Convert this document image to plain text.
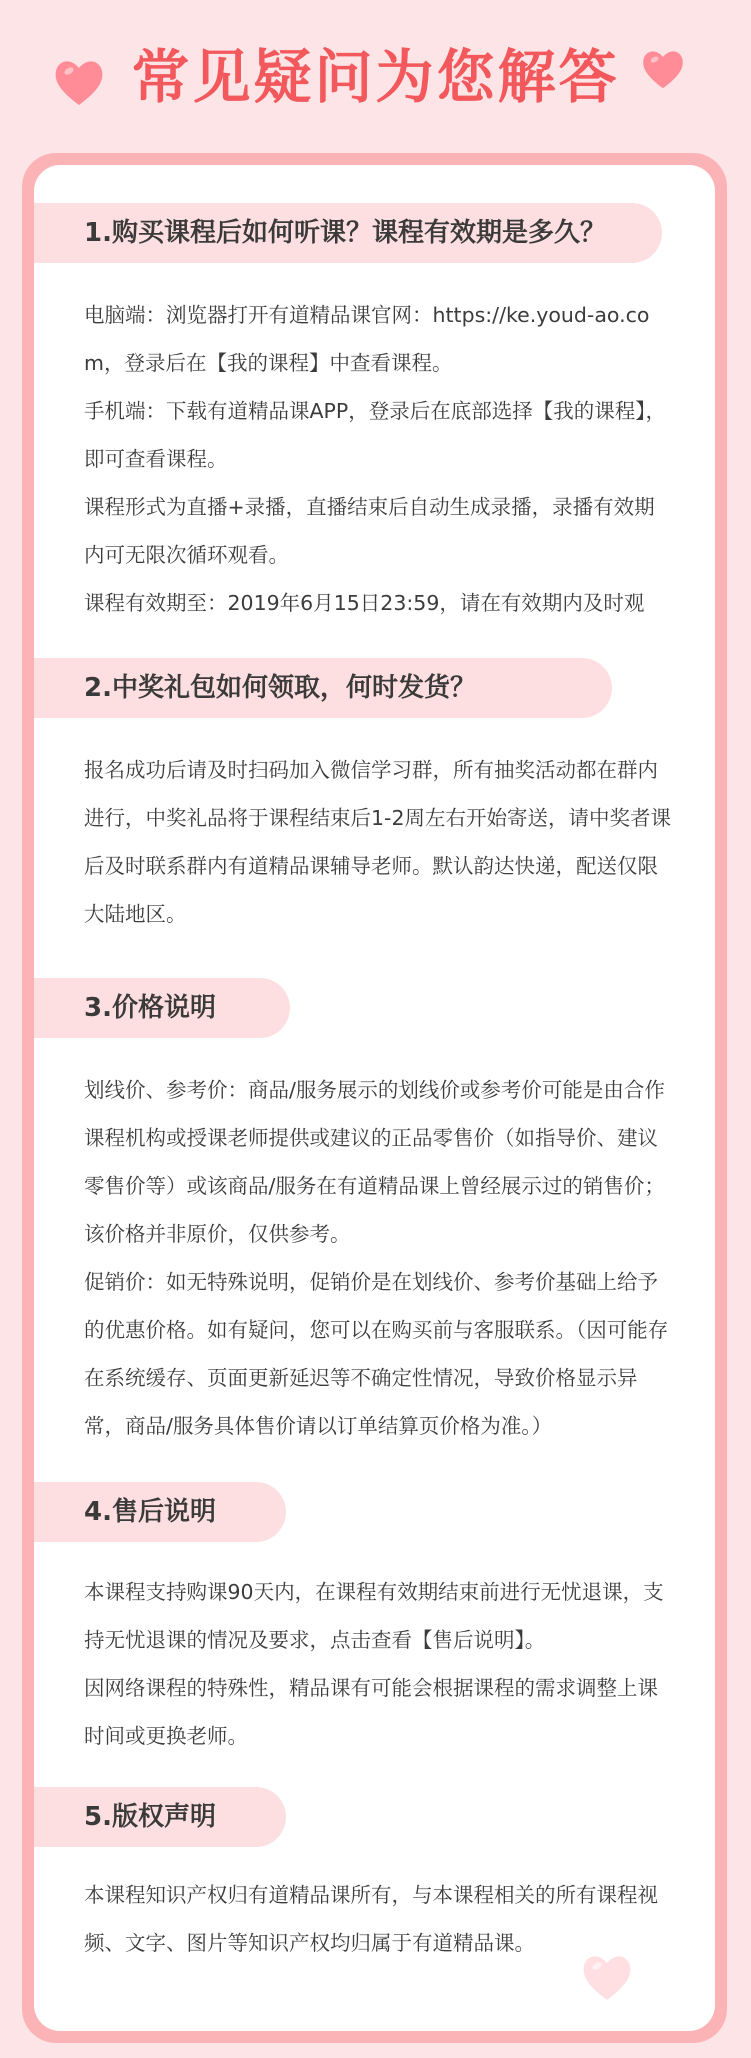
常见疑问为您解答
1.购买课程后如何听课？课程有效期是多久？

电脑端：浏览器打开有道精品课官网：https://ke.youd-ao.com，登录后在【我的课程】中查看课程。

手机端：下载有道精品课APP，登录后在底部选择【我的课程】，即可查看课程。

课程形式为直播+录播，直播结束后自动生成录播，录播有效期内可无限次循环观看。

课程有效期至：2019年6月15日23:59，请在有效期内及时观

2.中奖礼包如何领取，何时发货？

报名成功后请及时扫码加入微信学习群，所有抽奖活动都在群内进行，中奖礼品将于课程结束后1-2周左右开始寄送，请中奖者课后及时联系群内有道精品课辅导老师。默认韵达快递，配送仅限大陆地区。

3.价格说明

划线价、参考价：商品/服务展示的划线价或参考价可能是由合作课程机构或授课老师提供或建议的正品零售价（如指导价、建议零售价等）或该商品/服务在有道精品课上曾经展示过的销售价；该价格并非原价，仅供参考。

促销价：如无特殊说明，促销价是在划线价、参考价基础上给予的优惠价格。如有疑问，您可以在购买前与客服联系。（因可能存在系统缓存、页面更新延迟等不确定性情况，导致价格显示异常，商品/服务具体售价请以订单结算页价格为准。）

4.售后说明

本课程支持购课90天内，在课程有效期结束前进行无忧退课，支持无忧退课的情况及要求，点击查看【售后说明】。

因网络课程的特殊性，精品课有可能会根据课程的需求调整上课时间或更换老师。

5.版权声明

本课程知识产权归有道精品课所有，与本课程相关的所有课程视频、文字、图片等知识产权均归属于有道精品课。
